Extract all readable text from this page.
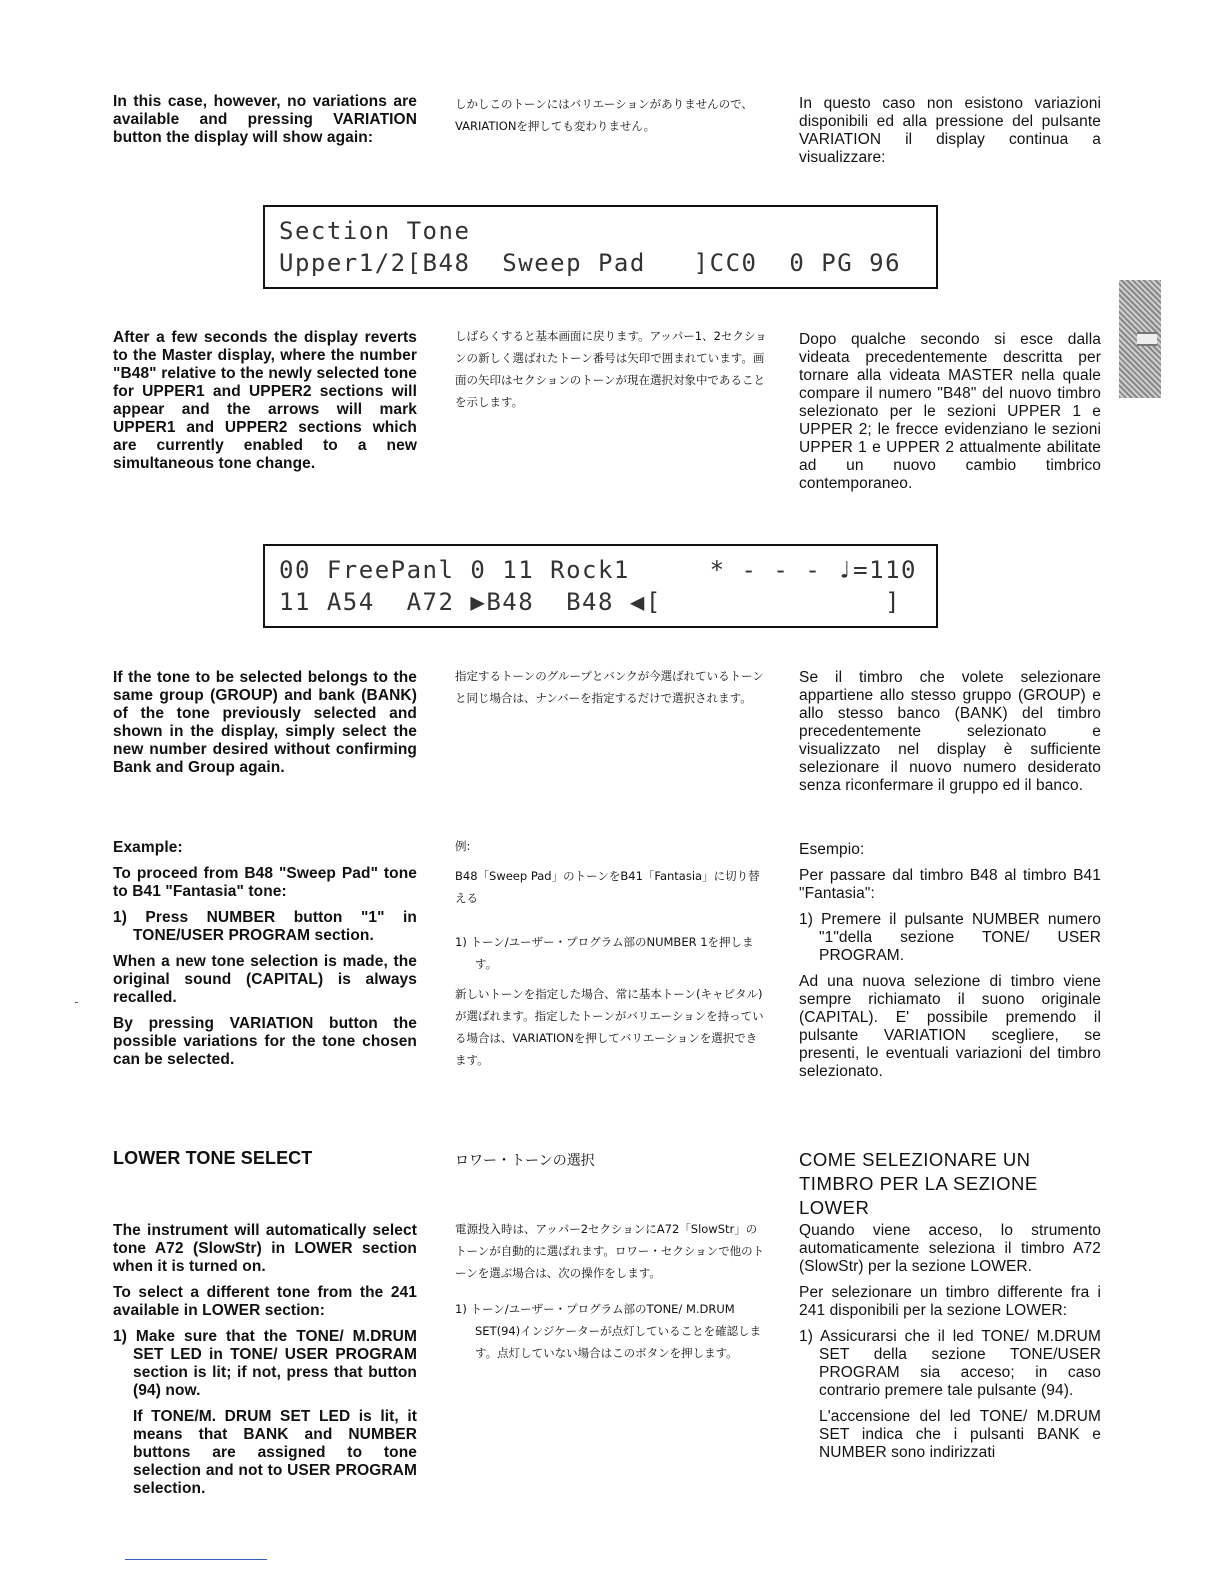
In this case, however, no variations are available and pressing VARIATION button the display will show again:

しかしこのトーンにはバリエーションがありませんので、VARIATIONを押しても変わりません。

In questo caso non esistono variazioni disponibili ed alla pressione del pulsante VARIATION il display continua a visualizzare:

Section Tone
Upper1/2[B48  Sweep Pad   ]CC0  0 PG 96

After a few seconds the display reverts to the Master display, where the number "B48" relative to the newly selected tone for UPPER1 and UPPER2 sections will appear and the arrows will mark UPPER1 and UPPER2 sections which are currently enabled to a new simultaneous tone change.

しばらくすると基本画面に戻ります。アッパー1、2セクションの新しく選ばれたトーン番号は矢印で囲まれています。画面の矢印はセクションのトーンが現在選択対象中であることを示します。

Dopo qualche secondo si esce dalla videata precedentemente descritta per tornare alla videata MASTER nella quale compare il numero "B48" del nuovo timbro selezionato per le sezioni UPPER 1 e UPPER 2; le frecce evidenziano le sezioni UPPER 1 e UPPER 2 attualmente abilitate ad un nuovo cambio timbrico contemporaneo.

00 FreePanl 0 11 Rock1     * - - - ♩=110
11 A54  A72 ▶B48  B48 ◀[              ]

If the tone to be selected belongs to the same group (GROUP) and bank (BANK) of the tone previously selected and shown in the display, simply select the new number desired without confirming Bank and Group again.

指定するトーンのグループとバンクが今選ばれているトーンと同じ場合は、ナンバーを指定するだけで選択されます。

Se il timbro che volete selezionare appartiene allo stesso gruppo (GROUP) e allo stesso banco (BANK) del timbro precedentemente selezionato e visualizzato nel display è sufficiente selezionare il nuovo numero desiderato senza riconfermare il gruppo ed il banco.

Example:

To proceed from B48 "Sweep Pad" tone to B41 "Fantasia" tone:

1) Press NUMBER button "1" in TONE/USER PROGRAM section.

When a new tone selection is made, the original sound (CAPITAL) is always recalled.

By pressing VARIATION button the possible variations for the tone chosen can be selected.

例:

B48「Sweep Pad」のトーンをB41「Fantasia」に切り替える

1) トーン/ユーザー・プログラム部のNUMBER 1を押します。

新しいトーンを指定した場合、常に基本トーン(キャピタル)が選ばれます。指定したトーンがバリエーションを持っている場合は、VARIATIONを押してバリエーションを選択できます。

Esempio:

Per passare dal timbro B48 al timbro B41 "Fantasia":

1) Premere il pulsante NUMBER numero "1"della sezione TONE/ USER PROGRAM.

Ad una nuova selezione di timbro viene sempre richiamato il suono originale (CAPITAL). E' possibile premendo il pulsante VARIATION scegliere, se presenti, le eventuali variazioni del timbro selezionato.

LOWER TONE SELECT	ロワー・トーンの選択	COME SELEZIONARE UN TIMBRO PER LA SEZIONE LOWER

The instrument will automatically select tone A72 (SlowStr) in LOWER section when it is turned on.

To select a different tone from the 241 available in LOWER section:

1) Make sure that the TONE/ M.DRUM SET LED in TONE/ USER PROGRAM section is lit; if not, press that button (94) now.

If TONE/M. DRUM SET LED is lit, it means that BANK and NUMBER buttons are assigned to tone selection and not to USER PROGRAM selection.

電源投入時は、アッパー2セクションにA72「SlowStr」のトーンが自動的に選ばれます。ロワー・セクションで他のトーンを選ぶ場合は、次の操作をします。

1) トーン/ユーザー・プログラム部のTONE/ M.DRUM SET(94)インジケーターが点灯していることを確認します。点灯していない場合はこのボタンを押します。

Quando viene acceso, lo strumento automaticamente seleziona il timbro A72 (SlowStr) per la sezione LOWER.

Per selezionare un timbro differente fra i 241 disponibili per la sezione LOWER:

1) Assicurarsi che il led TONE/ M.DRUM SET della sezione TONE/USER PROGRAM sia acceso; in caso contrario premere tale pulsante (94).

L'accensione del led TONE/ M.DRUM SET indica che i pulsanti BANK e NUMBER sono indirizzati
